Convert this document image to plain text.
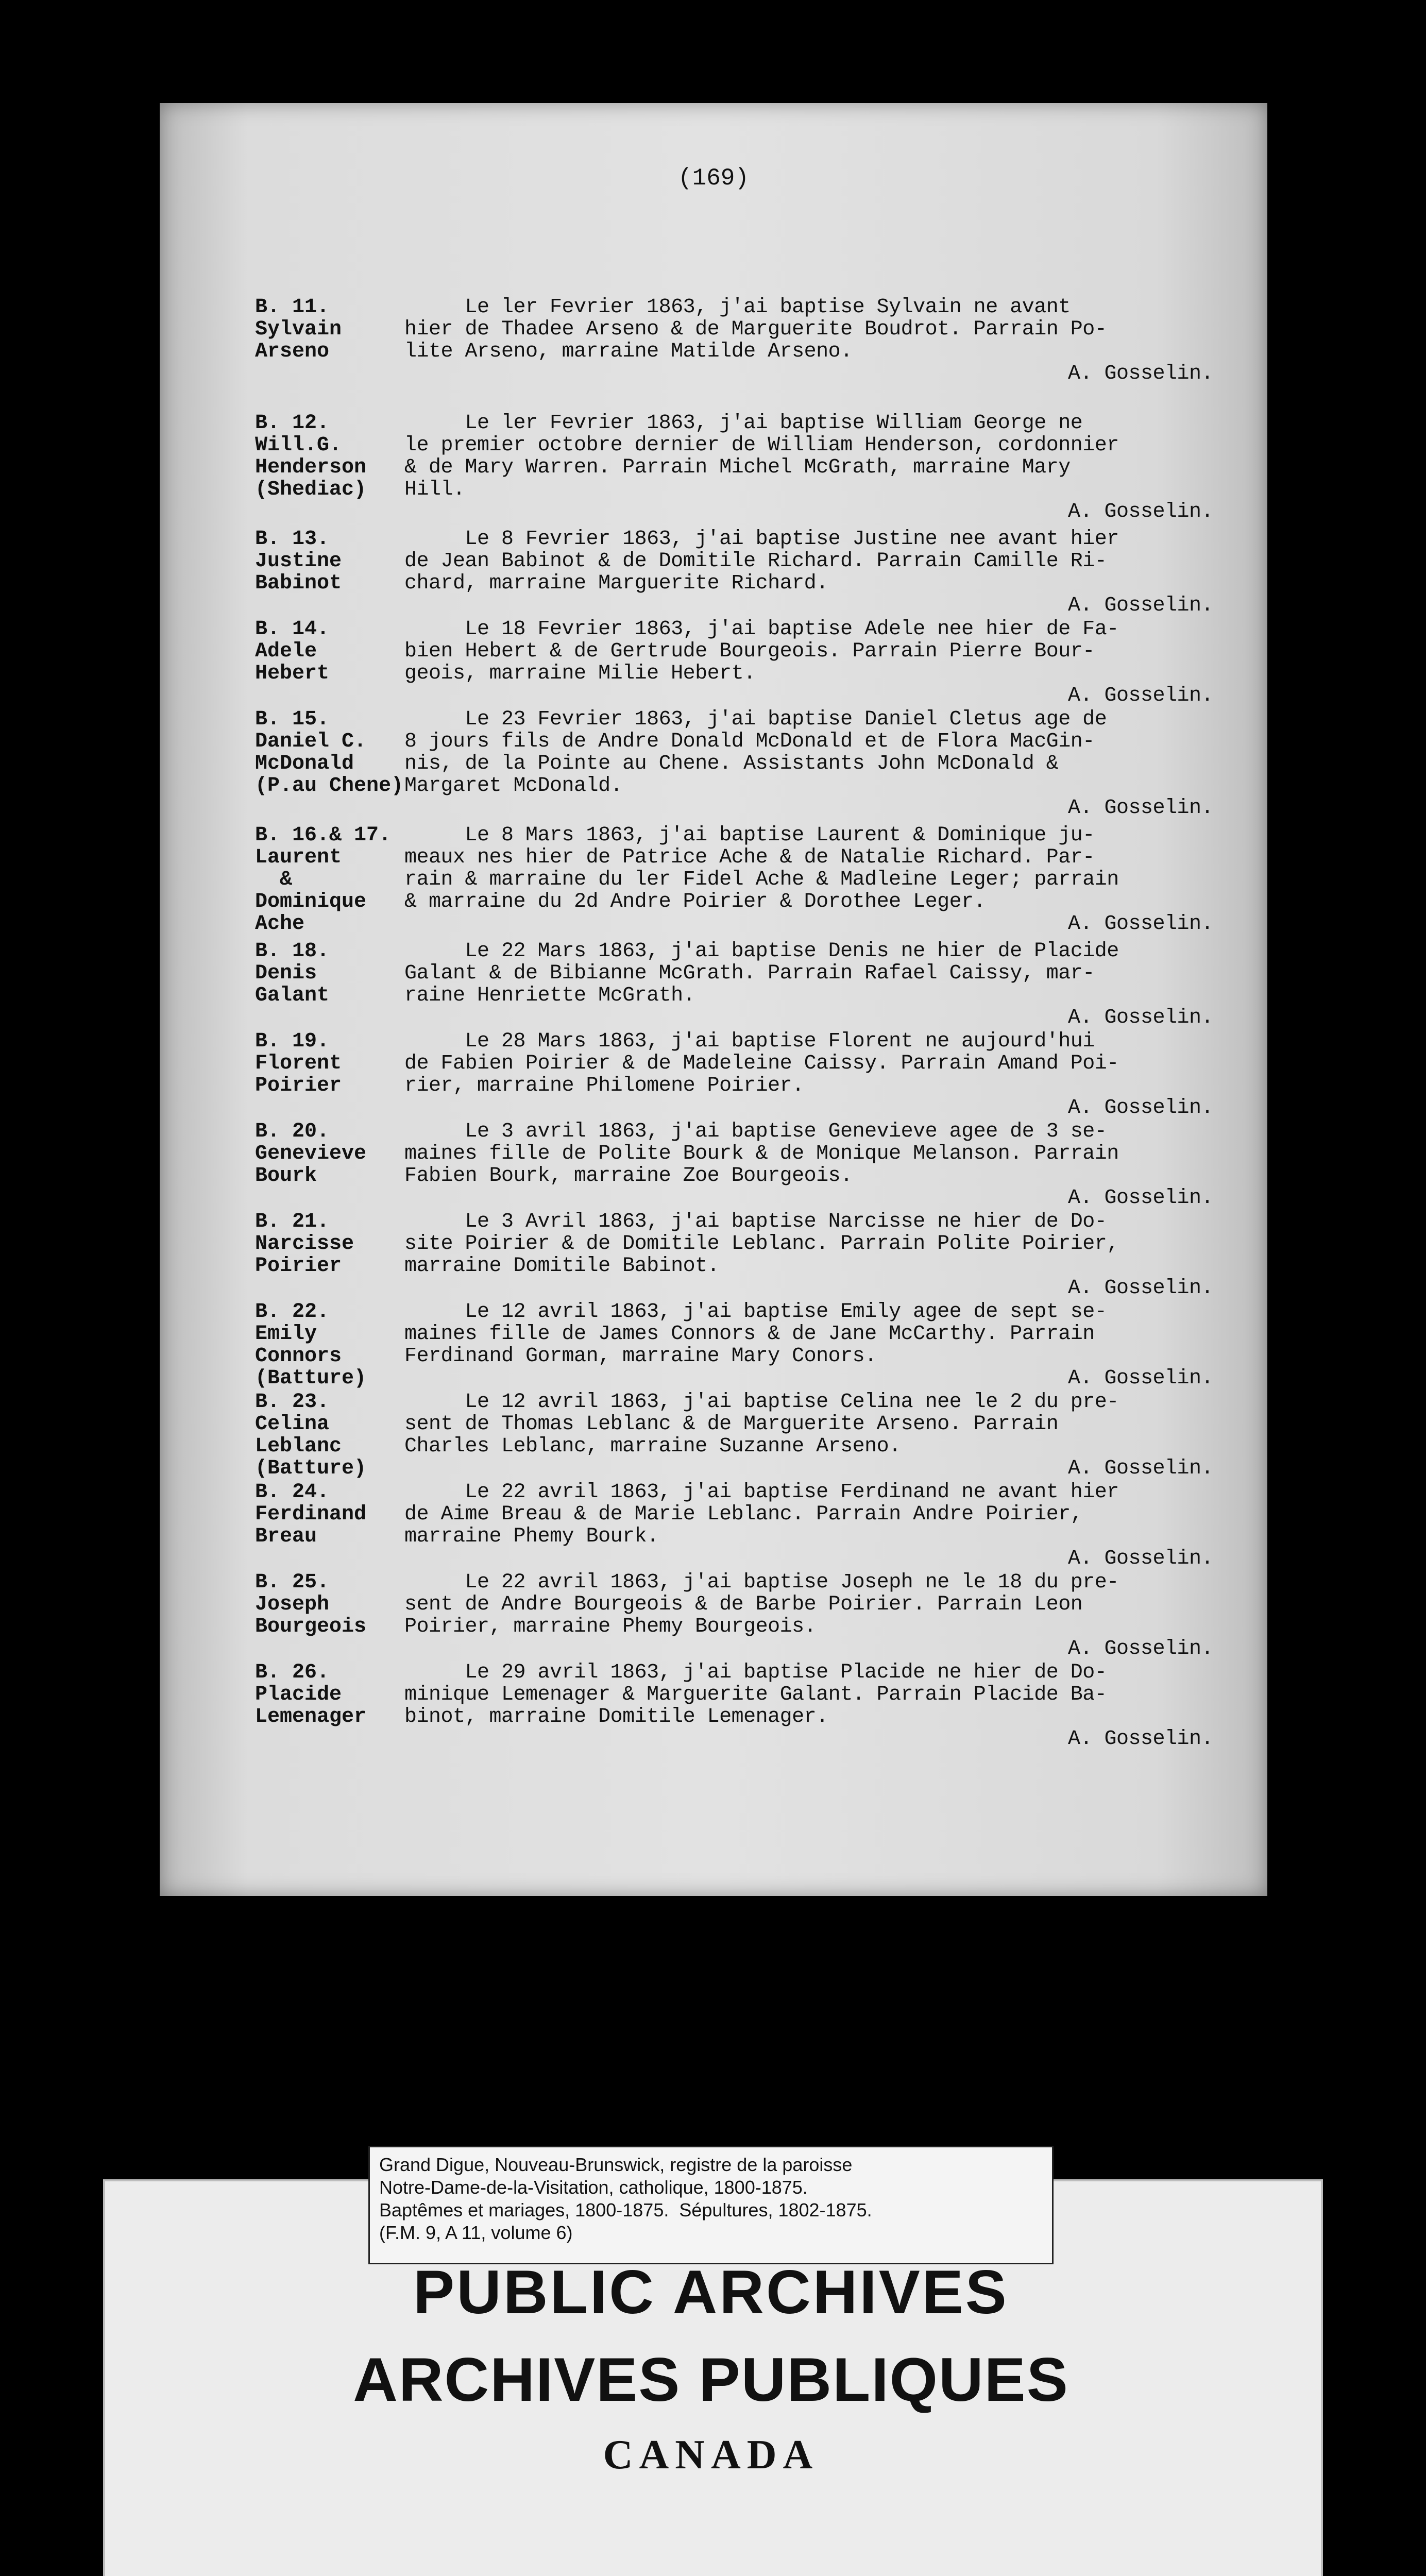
(169)
B. 11.
Sylvain
Arseno
Le ler Fevrier 1863, j'ai baptise Sylvain ne avant
hier de Thadee Arseno & de Marguerite Boudrot. Parrain Po-
lite Arseno, marraine Matilde Arseno.
A. Gosselin.
B. 12.
Will.G.
Henderson
(Shediac)
Le ler Fevrier 1863, j'ai baptise William George ne
le premier octobre dernier de William Henderson, cordonnier
& de Mary Warren. Parrain Michel McGrath, marraine Mary
Hill.
A. Gosselin.
B. 13.
Justine
Babinot
Le 8 Fevrier 1863, j'ai baptise Justine nee avant hier
de Jean Babinot & de Domitile Richard. Parrain Camille Ri-
chard, marraine Marguerite Richard.
A. Gosselin.
B. 14.
Adele
Hebert
Le 18 Fevrier 1863, j'ai baptise Adele nee hier de Fa-
bien Hebert & de Gertrude Bourgeois. Parrain Pierre Bour-
geois, marraine Milie Hebert.
A. Gosselin.
B. 15.
Daniel C.
McDonald
(P.au Chene)
Le 23 Fevrier 1863, j'ai baptise Daniel Cletus age de
8 jours fils de Andre Donald McDonald et de Flora MacGin-
nis, de la Pointe au Chene. Assistants John McDonald &
Margaret McDonald.
A. Gosselin.
B. 16.& 17.
Laurent
&
Dominique
Ache
Le 8 Mars 1863, j'ai baptise Laurent & Dominique ju-
meaux nes hier de Patrice Ache & de Natalie Richard. Par-
rain & marraine du ler Fidel Ache & Madleine Leger; parrain
& marraine du 2d Andre Poirier & Dorothee Leger.
A. Gosselin.
B. 18.
Denis
Galant
Le 22 Mars 1863, j'ai baptise Denis ne hier de Placide
Galant & de Bibianne McGrath. Parrain Rafael Caissy, mar-
raine Henriette McGrath.
A. Gosselin.
B. 19.
Florent
Poirier
Le 28 Mars 1863, j'ai baptise Florent ne aujourd'hui
de Fabien Poirier & de Madeleine Caissy. Parrain Amand Poi-
rier, marraine Philomene Poirier.
A. Gosselin.
B. 20.
Genevieve
Bourk
Le 3 avril 1863, j'ai baptise Genevieve agee de 3 se-
maines fille de Polite Bourk & de Monique Melanson. Parrain
Fabien Bourk, marraine Zoe Bourgeois.
A. Gosselin.
B. 21.
Narcisse
Poirier
Le 3 Avril 1863, j'ai baptise Narcisse ne hier de Do-
site Poirier & de Domitile Leblanc. Parrain Polite Poirier,
marraine Domitile Babinot.
A. Gosselin.
B. 22.
Emily
Connors
(Batture)
Le 12 avril 1863, j'ai baptise Emily agee de sept se-
maines fille de James Connors & de Jane McCarthy. Parrain
Ferdinand Gorman, marraine Mary Conors.
A. Gosselin.
B. 23.
Celina
Leblanc
(Batture)
Le 12 avril 1863, j'ai baptise Celina nee le 2 du pre-
sent de Thomas Leblanc & de Marguerite Arseno. Parrain
Charles Leblanc, marraine Suzanne Arseno.
A. Gosselin.
B. 24.
Ferdinand
Breau
Le 22 avril 1863, j'ai baptise Ferdinand ne avant hier
de Aime Breau & de Marie Leblanc. Parrain Andre Poirier,
marraine Phemy Bourk.
A. Gosselin.
B. 25.
Joseph
Bourgeois
Le 22 avril 1863, j'ai baptise Joseph ne le 18 du pre-
sent de Andre Bourgeois & de Barbe Poirier. Parrain Leon
Poirier, marraine Phemy Bourgeois.
A. Gosselin.
B. 26.
Placide
Lemenager
Le 29 avril 1863, j'ai baptise Placide ne hier de Do-
minique Lemenager & Marguerite Galant. Parrain Placide Ba-
binot, marraine Domitile Lemenager.
A. Gosselin.
Grand Digue, Nouveau-Brunswick, registre de la paroisse
Notre-Dame-de-la-Visitation, catholique, 1800-1875.
Baptêmes et mariages, 1800-1875.  Sépultures, 1802-1875.
(F.M. 9, A 11, volume 6)
PUBLIC ARCHIVES
ARCHIVES PUBLIQUES
CANADA
